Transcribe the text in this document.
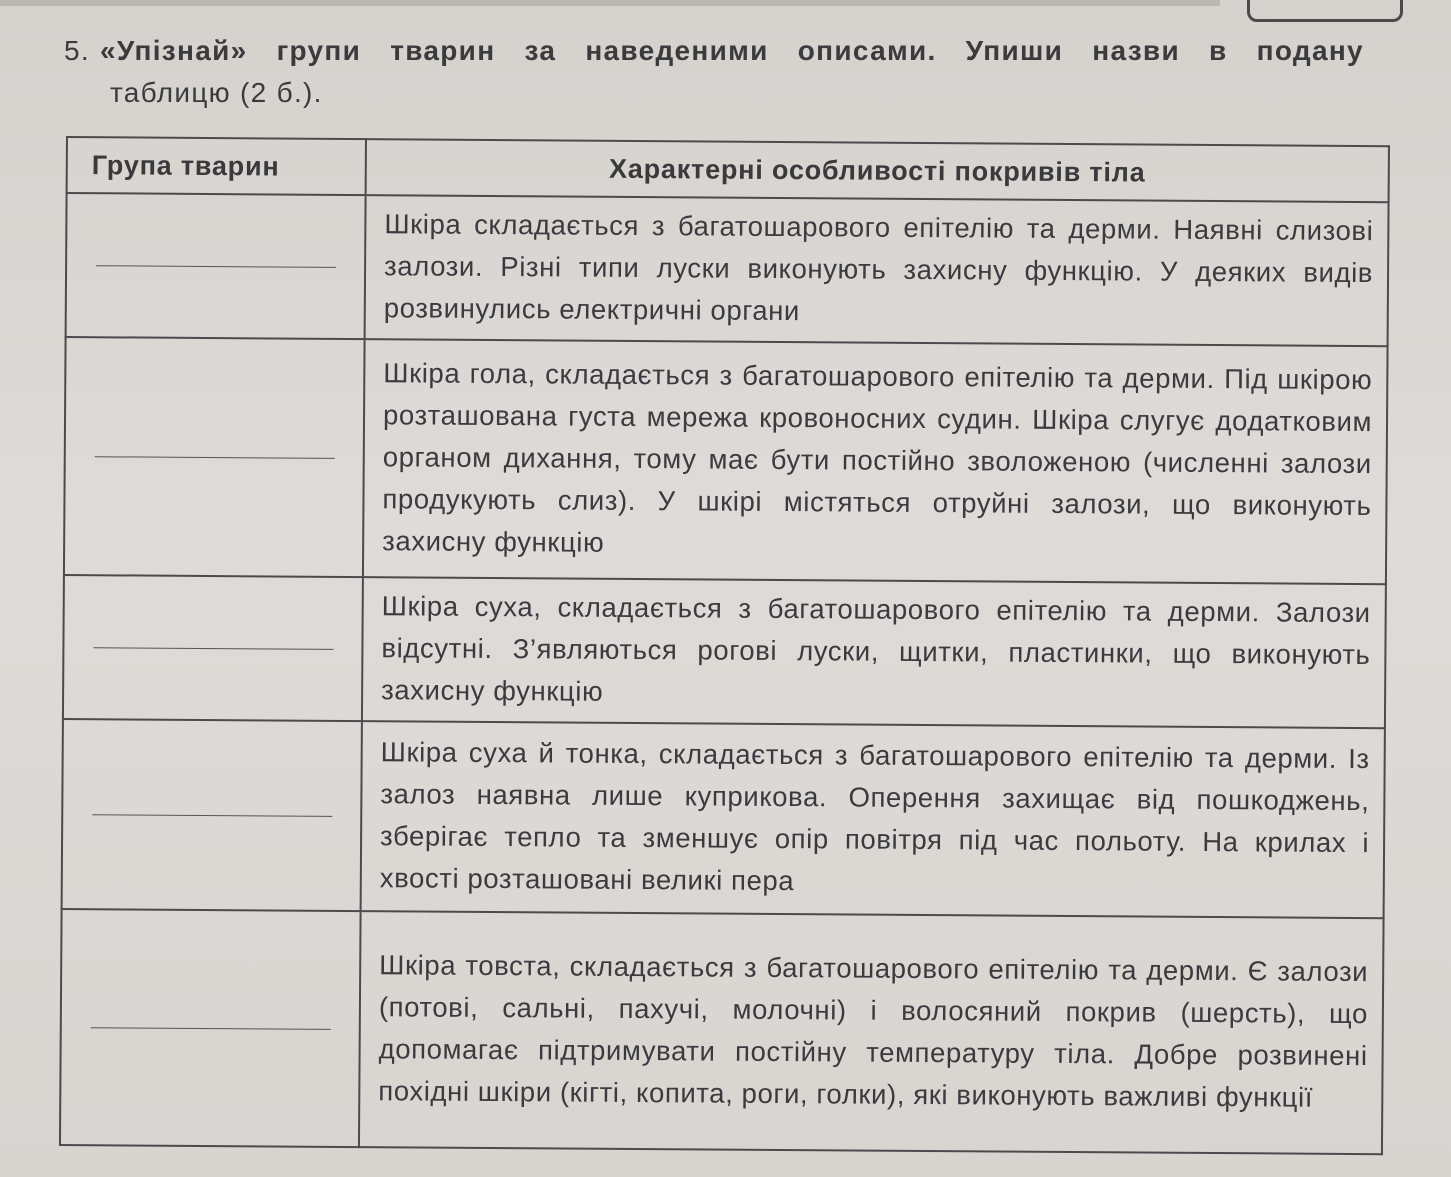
5. «Упізнай» групи тварин за наведеними описами. Упиши назви в подану
таблицю (2 б.).
Група тварин	Характерні особливості покривів тіла

	Шкіра складається з багатошарового епітелію та дерми. Наявні слизові залози. Різні типи луски виконують захисну функцію. У деяких видів розвинулись електричні органи

	Шкіра гола, складається з багатошарового епітелію та дерми. Під шкірою розташована густа мережа кровоносних судин. Шкіра слугує додатковим органом дихання, тому має бути постійно зволоженою (численні залози продукують слиз). У шкірі містяться отруйні залози, що виконують захисну функцію

	Шкіра суха, складається з багатошарового епітелію та дерми. Залози відсутні. З’являються рогові луски, щитки, пластинки, що виконують захисну функцію

	Шкіра суха й тонка, складається з багатошарового епітелію та дерми. Із залоз наявна лише куприкова. Оперення захищає від пошкоджень, зберігає тепло та зменшує опір повітря під час польоту. На крилах і хвості розташовані великі пера

	Шкіра товста, складається з багатошарового епітелію та дерми. Є залози (потові, сальні, пахучі, молочні) і волосяний покрив (шерсть), що допомагає підтримувати постійну температуру тіла. Добре розвинені похідні шкіри (кігті, копита, роги, голки), які виконують важливі функції
